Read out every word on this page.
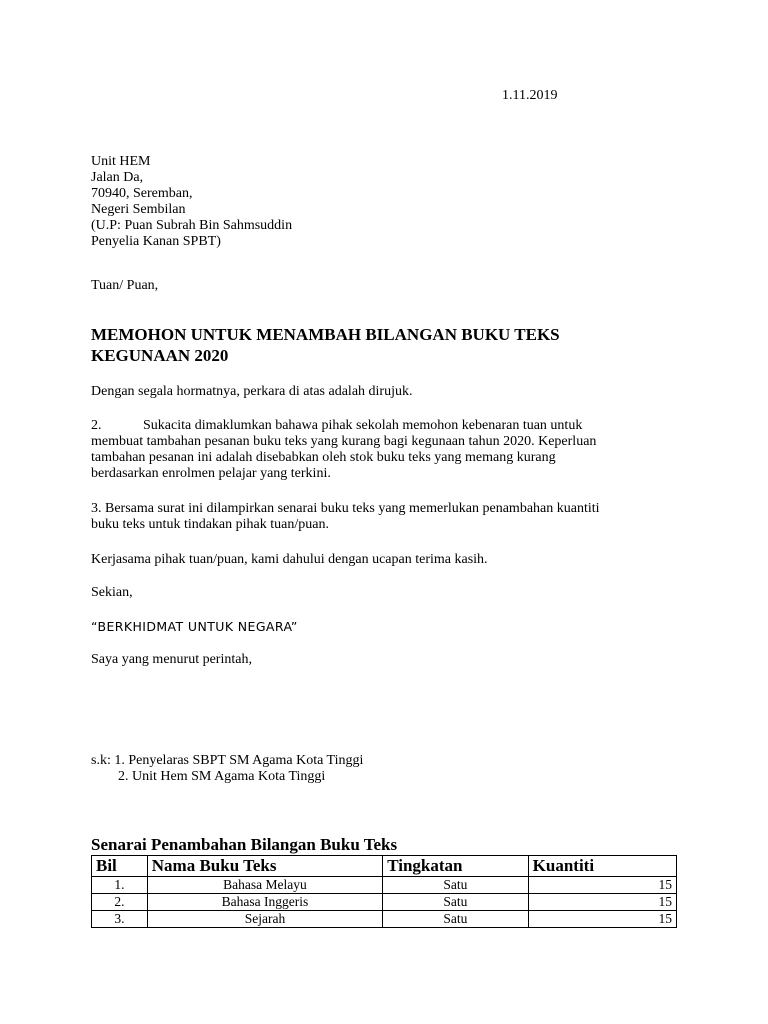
1.11.2019
Unit HEM
Jalan Da,
70940, Seremban,
Negeri Sembilan
(U.P: Puan Subrah Bin Sahmsuddin
Penyelia Kanan SPBT)
Tuan/ Puan,
MEMOHON UNTUK MENAMBAH BILANGAN BUKU TEKS
KEGUNAAN 2020
Dengan segala hormatnya, perkara di atas adalah dirujuk.
2.	Sukacita dimaklumkan bahawa pihak sekolah memohon kebenaran tuan untuk
membuat tambahan pesanan buku teks yang kurang bagi kegunaan tahun 2020. Keperluan
tambahan pesanan ini adalah disebabkan oleh stok buku teks yang memang kurang
berdasarkan enrolmen pelajar yang terkini.
3. Bersama surat ini dilampirkan senarai buku teks yang memerlukan penambahan kuantiti
buku teks untuk tindakan pihak tuan/puan.
Kerjasama pihak tuan/puan, kami dahului dengan ucapan terima kasih.
Sekian,
“BERKHIDMAT UNTUK NEGARA”
Saya yang menurut perintah,
s.k: 1. Penyelaras SBPT SM Agama Kota Tinggi
2. Unit Hem SM Agama Kota Tinggi
Senarai Penambahan Bilangan Buku Teks
Bil	Nama Buku Teks	Tingkatan	Kuantiti
1.	Bahasa Melayu	Satu	15
2.	Bahasa Inggeris	Satu	15
3.	Sejarah	Satu	15
